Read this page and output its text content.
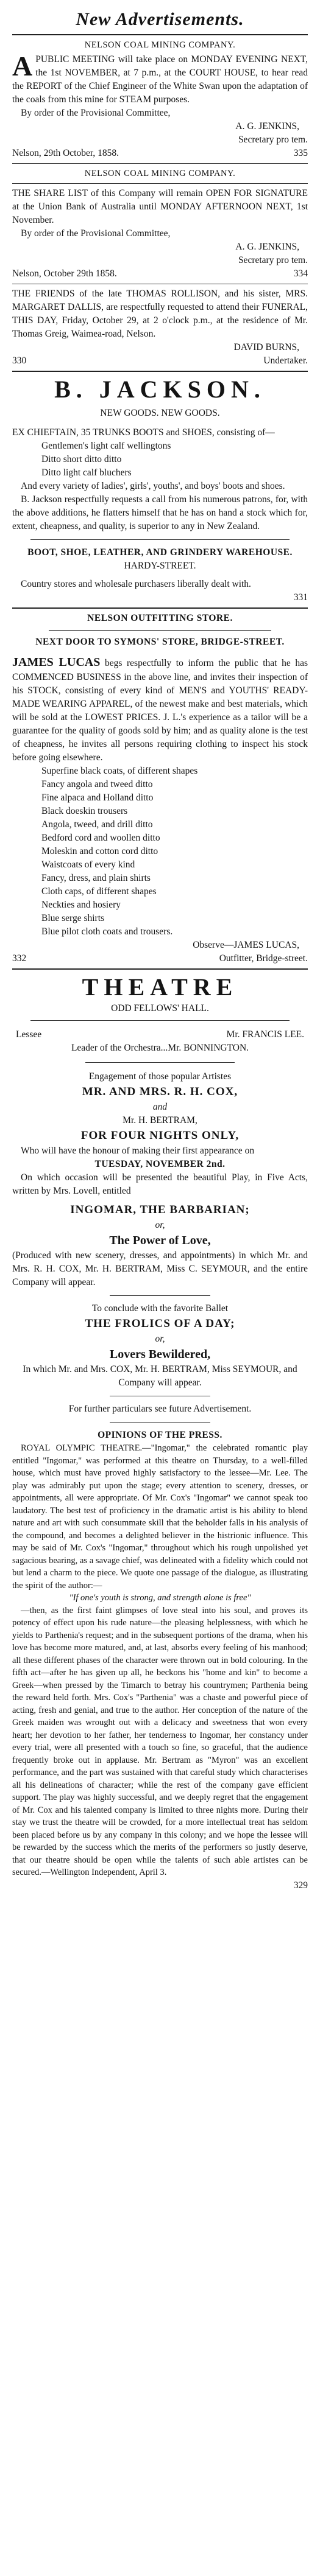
New Advertisements.
NELSON COAL MINING COMPANY.

APUBLIC MEETING will take place on MONDAY EVENING NEXT, the 1st NOVEMBER, at 7 p.m., at the COURT HOUSE, to hear read the REPORT of the Chief Engineer of the White Swan upon the adaptation of the coals from this mine for STEAM purposes.

By order of the Provisional Committee,

A. G. JENKINS,
Secretary pro tem.
Nelson, 29th October, 1858.	335
NELSON COAL MINING COMPANY.

THE SHARE LIST of this Company will remain OPEN FOR SIGNATURE at the Union Bank of Australia until MONDAY AFTERNOON NEXT, 1st November.

By order of the Provisional Committee,

A. G. JENKINS,
Secretary pro tem.
Nelson, October 29th 1858.	334

THE FRIENDS of the late THOMAS ROLLISON, and his sister, MRS. MARGARET DALLIS, are respectfully requested to attend their FUNERAL, THIS DAY, Friday, October 29, at 2 o'clock p.m., at the residence of Mr. Thomas Greig, Waimea-road, Nelson.

DAVID BURNS,
330	Undertaker.
B. JACKSON.
NEW GOODS. NEW GOODS.

EX CHIEFTAIN, 35 TRUNKS BOOTS and SHOES, consisting of—

Gentlemen's light calf wellingtons
Ditto short ditto ditto
Ditto light calf bluchers

And every variety of ladies', girls', youths', and boys' boots and shoes.

B. Jackson respectfully requests a call from his numerous patrons, for, with the above additions, he flatters himself that he has on hand a stock which for, extent, cheapness, and quality, is superior to any in New Zealand.

BOOT, SHOE, LEATHER, AND GRINDERY WAREHOUSE.
HARDY-STREET.

Country stores and wholesale purchasers liberally dealt with.

331
NELSON OUTFITTING STORE.
NEXT DOOR TO SYMONS' STORE, BRIDGE-STREET.

JAMES LUCAS begs respectfully to inform the public that he has COMMENCED BUSINESS in the above line, and invites their inspection of his STOCK, consisting of every kind of MEN'S and YOUTHS' READY-MADE WEARING APPAREL, of the newest make and best materials, which will be sold at the LOWEST PRICES. J. L.'s experience as a tailor will be a guarantee for the quality of goods sold by him; and as quality alone is the test of cheapness, he invites all persons requiring clothing to inspect his stock before going elsewhere.

Superfine black coats, of different shapes
Fancy angola and tweed ditto
Fine alpaca and Holland ditto
Black doeskin trousers
Angola, tweed, and drill ditto
Bedford cord and woollen ditto
Moleskin and cotton cord ditto
Waistcoats of every kind
Fancy, dress, and plain shirts
Cloth caps, of different shapes
Neckties and hosiery
Blue serge shirts
Blue pilot cloth coats and trousers.
Observe—JAMES LUCAS,
332	Outfitter, Bridge-street.
THEATRE
ODD FELLOWS' HALL.
Lessee	Mr. FRANCIS LEE.
Leader of the Orchestra...Mr. BONNINGTON.
Engagement of those popular Artistes
MR. AND MRS. R. H. COX,
and
Mr. H. BERTRAM,
FOR FOUR NIGHTS ONLY,

Who will have the honour of making their first appearance on

TUESDAY, NOVEMBER 2nd.

On which occasion will be presented the beautiful Play, in Five Acts, written by Mrs. Lovell, entitled

INGOMAR, THE BARBARIAN;
or,
The Power of Love,

(Produced with new scenery, dresses, and appointments) in which Mr. and Mrs. R. H. COX, Mr. H. BERTRAM, Miss C. SEYMOUR, and the entire Company will appear.

To conclude with the favorite Ballet
THE FROLICS OF A DAY;
or,
Lovers Bewildered,

In which Mr. and Mrs. COX, Mr. H. BERTRAM, Miss SEYMOUR, and Company will appear.

For further particulars see future Advertisement.
OPINIONS OF THE PRESS.

ROYAL OLYMPIC THEATRE.—"Ingomar," the celebrated romantic play entitled "Ingomar," was performed at this theatre on Thursday, to a well-filled house, which must have proved highly satisfactory to the lessee—Mr. Lee. The play was admirably put upon the stage; every attention to scenery, dresses, or appointments, all were appropriate. Of Mr. Cox's "Ingomar" we cannot speak too laudatory. The best test of proficiency in the dramatic artist is his ability to blend nature and art with such consummate skill that the beholder falls in his analysis of the compound, and becomes a delighted believer in the histrionic influence. This may be said of Mr. Cox's "Ingomar," throughout which his rough unpolished yet sagacious bearing, as a savage chief, was delineated with a fidelity which could not but lend a charm to the piece. We quote one passage of the dialogue, as illustrating the spirit of the author:—

"If one's youth is strong, and strength alone is free"

—then, as the first faint glimpses of love steal into his soul, and proves its potency of effect upon his rude nature—the pleasing helplessness, with which he yields to Parthenia's request; and in the subsequent portions of the drama, when his love has become more matured, and, at last, absorbs every feeling of his manhood; all these different phases of the character were thrown out in bold colouring. In the fifth act—after he has given up all, he beckons his "home and kin" to become a Greek—when pressed by the Timarch to betray his countrymen; Parthenia being the reward held forth. Mrs. Cox's "Parthenia" was a chaste and powerful piece of acting, fresh and genial, and true to the author. Her conception of the nature of the Greek maiden was wrought out with a delicacy and sweetness that won every heart; her devotion to her father, her tenderness to Ingomar, her constancy under every trial, were all presented with a touch so fine, so graceful, that the audience frequently broke out in applause. Mr. Bertram as "Myron" was an excellent performance, and the part was sustained with that careful study which characterises all his delineations of character; while the rest of the company gave efficient support. The play was highly successful, and we deeply regret that the engagement of Mr. Cox and his talented company is limited to three nights more. During their stay we trust the theatre will be crowded, for a more intellectual treat has seldom been placed before us by any company in this colony; and we hope the lessee will be rewarded by the success which the merits of the performers so justly deserve, that our theatre should be open while the talents of such able artistes can be secured.—Wellington Independent, April 3.

329
